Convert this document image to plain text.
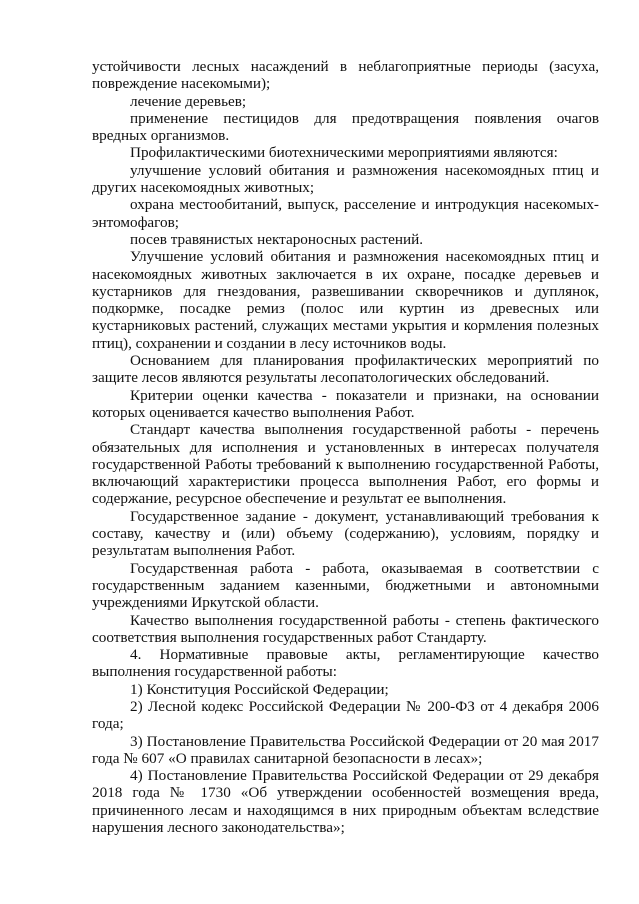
устойчивости лесных насаждений в неблагоприятные периоды (засуха, повреждение насекомыми);

лечение деревьев;

применение пестицидов для предотвращения появления очагов вредных организмов.

Профилактическими биотехническими мероприятиями являются:

улучшение условий обитания и размножения насекомоядных птиц и других насекомоядных животных;

охрана местообитаний, выпуск, расселение и интродукция насекомых-энтомофагов;

посев травянистых нектароносных растений.

Улучшение условий обитания и размножения насекомоядных птиц и насекомоядных животных заключается в их охране, посадке деревьев и кустарников для гнездования, развешивании скворечников и дуплянок, подкормке, посадке ремиз (полос или куртин из древесных или кустарниковых растений, служащих местами укрытия и кормления полезных птиц), сохранении и создании в лесу источников воды.

Основанием для планирования профилактических мероприятий по защите лесов являются результаты лесопатологических обследований.

Критерии оценки качества - показатели и признаки, на основании которых оценивается качество выполнения Работ.

Стандарт качества выполнения государственной работы - перечень обязательных для исполнения и установленных в интересах получателя государственной Работы требований к выполнению государственной Работы, включающий характеристики процесса выполнения Работ, его формы и содержание, ресурсное обеспечение и результат ее выполнения.

Государственное задание - документ, устанавливающий требования к составу, качеству и (или) объему (содержанию), условиям, порядку и результатам выполнения Работ.

Государственная работа - работа, оказываемая в соответствии с государственным заданием казенными, бюджетными и автономными учреждениями Иркутской области.

Качество выполнения государственной работы - степень фактического соответствия выполнения государственных работ Стандарту.

4. Нормативные правовые акты, регламентирующие качество выполнения государственной работы:

1) Конституция Российской Федерации;

2) Лесной кодекс Российской Федерации № 200-ФЗ от 4 декабря 2006 года;

3) Постановление Правительства Российской Федерации от 20 мая 2017 года № 607 «О правилах санитарной безопасности в лесах»;

4) Постановление Правительства Российской Федерации от 29 декабря 2018 года № 1730 «Об утверждении особенностей возмещения вреда, причиненного лесам и находящимся в них природным объектам вследствие нарушения лесного законодательства»;
